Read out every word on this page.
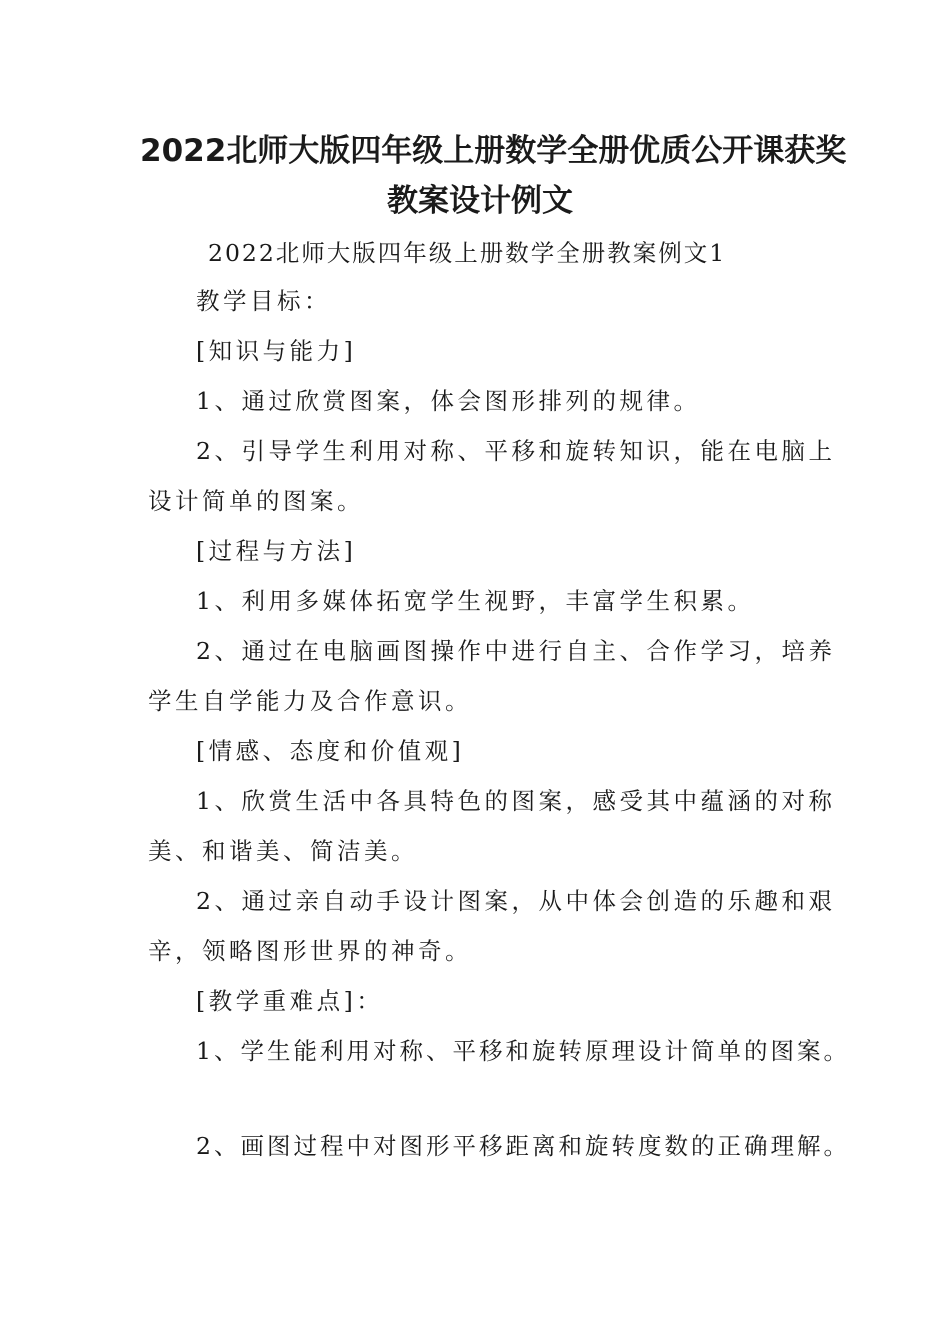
2022北师大版四年级上册数学全册优质公开课获奖
教案设计例文
2022北师大版四年级上册数学全册教案例文1
教学目标：
[知识与能力]
1、通过欣赏图案，体会图形排列的规律。
2、引导学生利用对称、平移和旋转知识，能在电脑上
设计简单的图案。
[过程与方法]
1、利用多媒体拓宽学生视野，丰富学生积累。
2、通过在电脑画图操作中进行自主、合作学习，培养
学生自学能力及合作意识。
[情感、态度和价值观]
1、欣赏生活中各具特色的图案，感受其中蕴涵的对称
美、和谐美、简洁美。
2、通过亲自动手设计图案，从中体会创造的乐趣和艰
辛，领略图形世界的神奇。
[教学重难点]：
1、学生能利用对称、平移和旋转原理设计简单的图案。
2、画图过程中对图形平移距离和旋转度数的正确理解。
